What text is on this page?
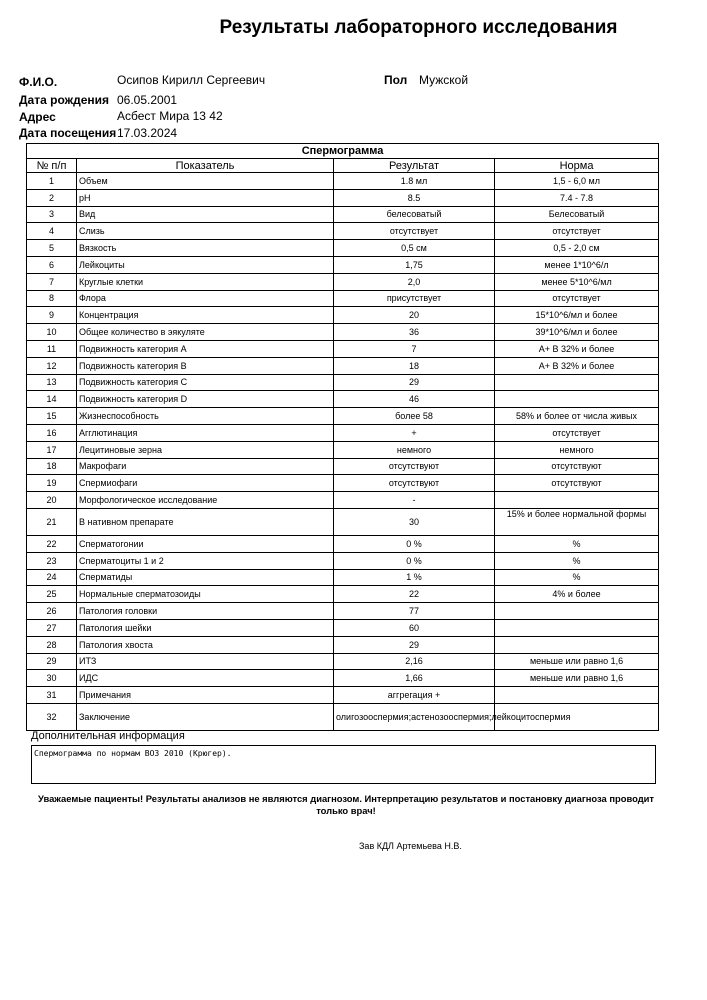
Результаты лабораторного исследования
Ф.И.О.	Осипов Кирилл Сергеевич	Пол Мужской
Дата рождения 06.05.2001
Адрес	Асбест Мира 13 42
Дата посещения 17.03.2024
Спермограмма			
№ п/п	Показатель	Результат	Норма
1	Объем	1.8 мл	1,5 - 6,0 мл
2	pH	8.5	7.4 - 7.8
3	Вид	белесоватый	Белесоватый
4	Слизь	отсутствует	отсутствует
5	Вязкость	0,5 см	0,5 - 2,0 см
6	Лейкоциты	1,75	менее 1*10^6/л
7	Круглые клетки	2,0	менее 5*10^6/мл
8	Флора	присутствует	отсутствует
9	Концентрация	20	15*10^6/мл и более
10	Общее количество в эякуляте	36	39*10^6/мл и более
11	Подвижность категория А	7	А+ В 32% и более
12	Подвижность категория В	18	А+ В 32% и более
13	Подвижность категория С	29	
14	Подвижность категория D	46	
15	Жизнеспособность	более 58	58% и более от числа живых
16	Агглютинация	+	отсутствует
17	Лецитиновые зерна	немного	немного
18	Макрофаги	отсутствуют	отсутствуют
19	Спермиофаги	отсутствуют	отсутствуют
20	Морфологическое исследование	-	
21	В нативном препарате	30	15% и более нормальной формы
22	Сперматогонии	0 %	%
23	Сперматоциты 1 и 2	0 %	%
24	Сперматиды	1 %	%
25	Нормальные сперматозоиды	22	4% и более
26	Патология головки	77	
27	Патология шейки	60	
28	Патология хвоста	29	
29	ИТЗ	2,16	меньше или равно 1,6
30	ИДС	1,66	меньше или равно 1,6
31	Примечания	аггрегация +	
32	Заключение	олигозооспермия;астенозооспермия;лейкоцитоспермия	
Дополнительная информация
Спермограмма по нормам ВОЗ 2010 (Крюгер).
Уважаемые пациенты! Результаты анализов не являются диагнозом. Интерпретацию результатов и постановку диагноза проводит только врач!
Зав КДЛ Артемьева Н.В.
